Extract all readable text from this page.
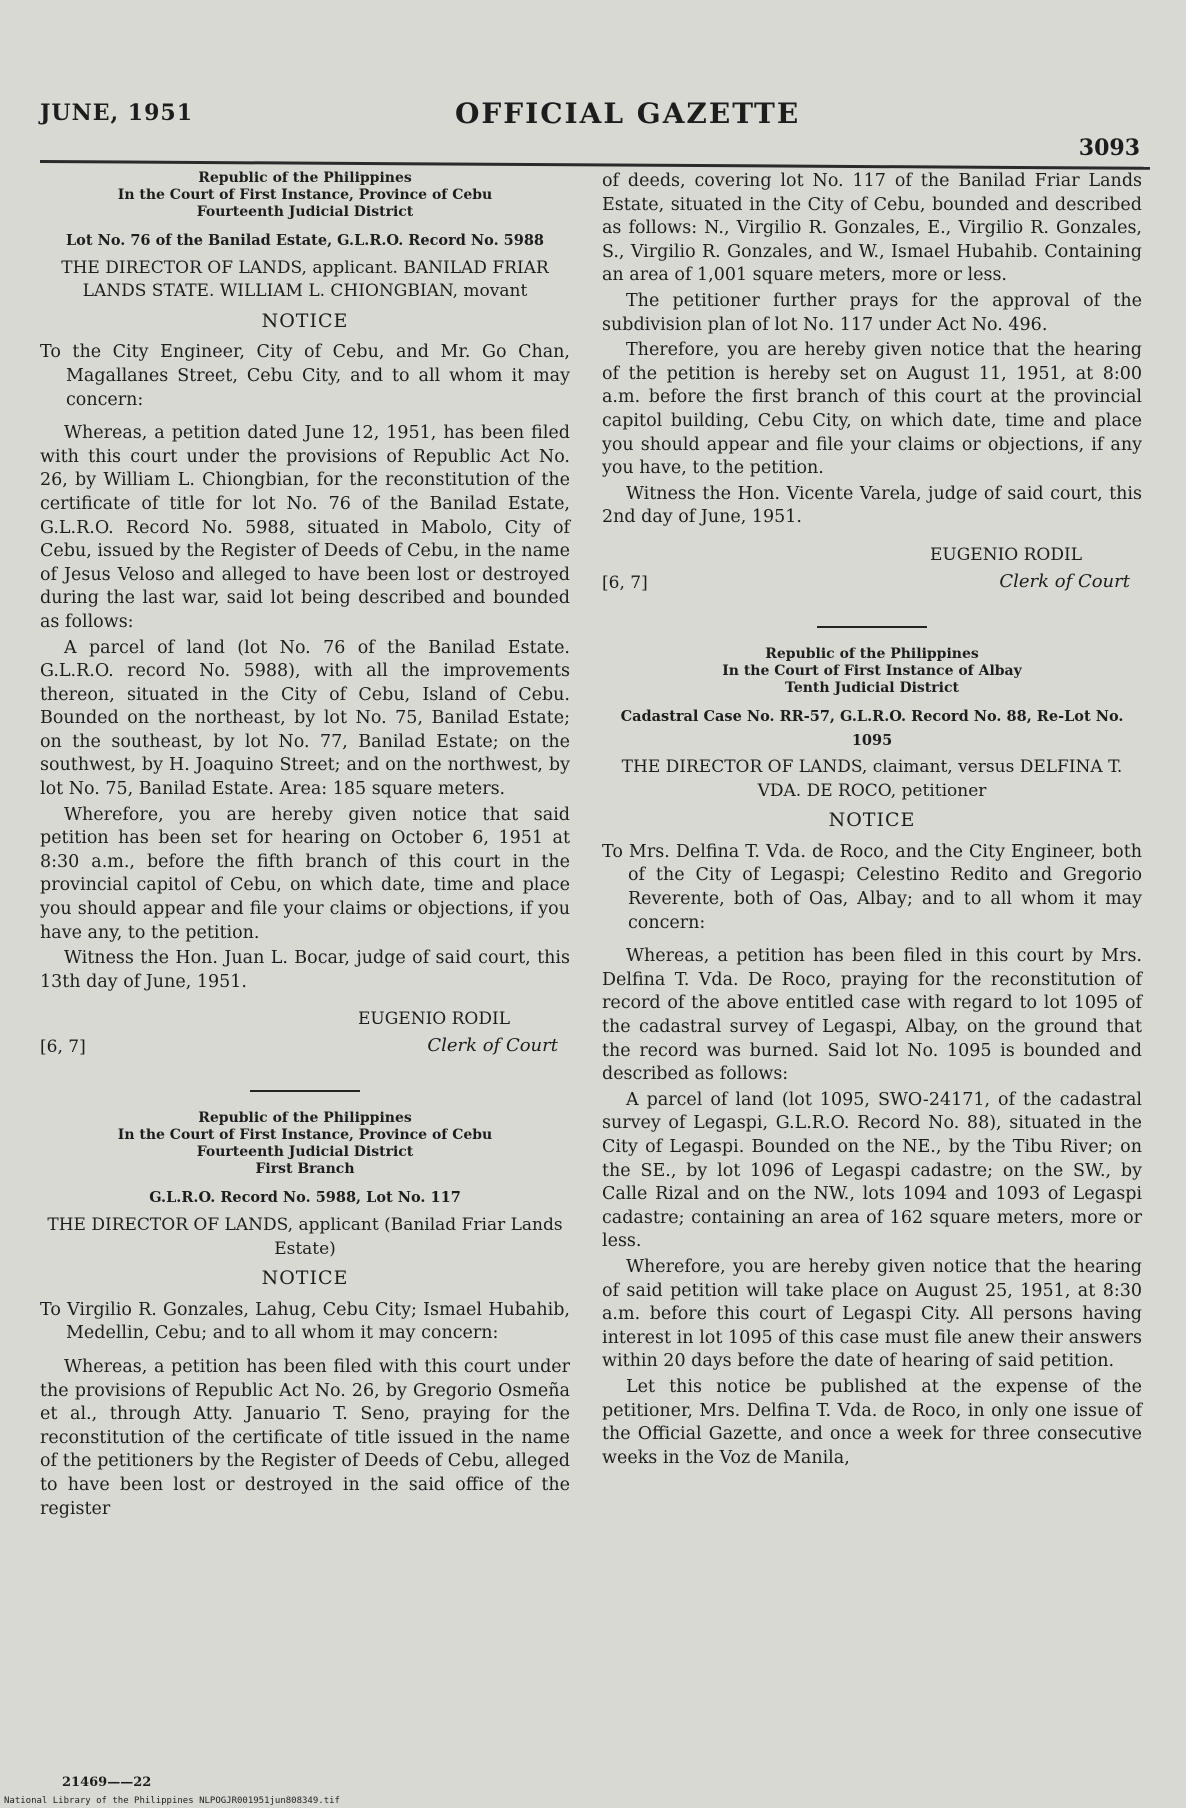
JUNE, 1951	OFFICIAL GAZETTE
3093
Republic of the Philippines
In the Court of First Instance, Province of Cebu
Fourteenth Judicial District
Lot No. 76 of the Banilad Estate, G.L.R.O. Record No. 5988
THE DIRECTOR OF LANDS, applicant. BANILAD FRIAR LANDS STATE. WILLIAM L. CHIONGBIAN, movant
NOTICE
To the City Engineer, City of Cebu, and Mr. Go Chan, Magallanes Street, Cebu City, and to all whom it may concern:

Whereas, a petition dated June 12, 1951, has been filed with this court under the provisions of Republic Act No. 26, by William L. Chiongbian, for the reconstitution of the certificate of title for lot No. 76 of the Banilad Estate, G.L.R.O. Record No. 5988, situated in Mabolo, City of Cebu, issued by the Register of Deeds of Cebu, in the name of Jesus Veloso and alleged to have been lost or destroyed during the last war, said lot being described and bounded as follows:

A parcel of land (lot No. 76 of the Banilad Estate. G.L.R.O. record No. 5988), with all the improvements thereon, situated in the City of Cebu, Island of Cebu. Bounded on the northeast, by lot No. 75, Banilad Estate; on the southeast, by lot No. 77, Banilad Estate; on the southwest, by H. Joaquino Street; and on the northwest, by lot No. 75, Banilad Estate. Area: 185 square meters.

Wherefore, you are hereby given notice that said petition has been set for hearing on October 6, 1951 at 8:30 a.m., before the fifth branch of this court in the provincial capitol of Cebu, on which date, time and place you should appear and file your claims or objections, if you have any, to the petition.

Witness the Hon. Juan L. Bocar, judge of said court, this 13th day of June, 1951.

[6, 7]
EUGENIO RODIL
Clerk of Court
Republic of the Philippines
In the Court of First Instance, Province of Cebu
Fourteenth Judicial District
First Branch
G.L.R.O. Record No. 5988, Lot No. 117
THE DIRECTOR OF LANDS, applicant (Banilad Friar Lands Estate)
NOTICE
To Virgilio R. Gonzales, Lahug, Cebu City; Ismael Hubahib, Medellin, Cebu; and to all whom it may concern:

Whereas, a petition has been filed with this court under the provisions of Republic Act No. 26, by Gregorio Osmeña et al., through Atty. Januario T. Seno, praying for the reconstitution of the certificate of title issued in the name of the petitioners by the Register of Deeds of Cebu, alleged to have been lost or destroyed in the said office of the register

of deeds, covering lot No. 117 of the Banilad Friar Lands Estate, situated in the City of Cebu, bounded and described as follows: N., Virgilio R. Gonzales, E., Virgilio R. Gonzales, S., Virgilio R. Gonzales, and W., Ismael Hubahib. Containing an area of 1,001 square meters, more or less.

The petitioner further prays for the approval of the subdivision plan of lot No. 117 under Act No. 496.

Therefore, you are hereby given notice that the hearing of the petition is hereby set on August 11, 1951, at 8:00 a.m. before the first branch of this court at the provincial capitol building, Cebu City, on which date, time and place you should appear and file your claims or objections, if any you have, to the petition.

Witness the Hon. Vicente Varela, judge of said court, this 2nd day of June, 1951.

[6, 7]
EUGENIO RODIL
Clerk of Court
Republic of the Philippines
In the Court of First Instance of Albay
Tenth Judicial District
Cadastral Case No. RR-57, G.L.R.O. Record No. 88, Re-Lot No. 1095
THE DIRECTOR OF LANDS, claimant, versus DELFINA T. VDA. DE ROCO, petitioner
NOTICE
To Mrs. Delfina T. Vda. de Roco, and the City Engineer, both of the City of Legaspi; Celestino Redito and Gregorio Reverente, both of Oas, Albay; and to all whom it may concern:

Whereas, a petition has been filed in this court by Mrs. Delfina T. Vda. De Roco, praying for the reconstitution of record of the above entitled case with regard to lot 1095 of the cadastral survey of Legaspi, Albay, on the ground that the record was burned. Said lot No. 1095 is bounded and described as follows:

A parcel of land (lot 1095, SWO-24171, of the cadastral survey of Legaspi, G.L.R.O. Record No. 88), situated in the City of Legaspi. Bounded on the NE., by the Tibu River; on the SE., by lot 1096 of Legaspi cadastre; on the SW., by Calle Rizal and on the NW., lots 1094 and 1093 of Legaspi cadastre; containing an area of 162 square meters, more or less.

Wherefore, you are hereby given notice that the hearing of said petition will take place on August 25, 1951, at 8:30 a.m. before this court of Legaspi City. All persons having interest in lot 1095 of this case must file anew their answers within 20 days before the date of hearing of said petition.

Let this notice be published at the expense of the petitioner, Mrs. Delfina T. Vda. de Roco, in only one issue of the Official Gazette, and once a week for three consecutive weeks in the Voz de Manila,

21469——22
National Library of the Philippines NLPOGJR001951jun808349.tif
